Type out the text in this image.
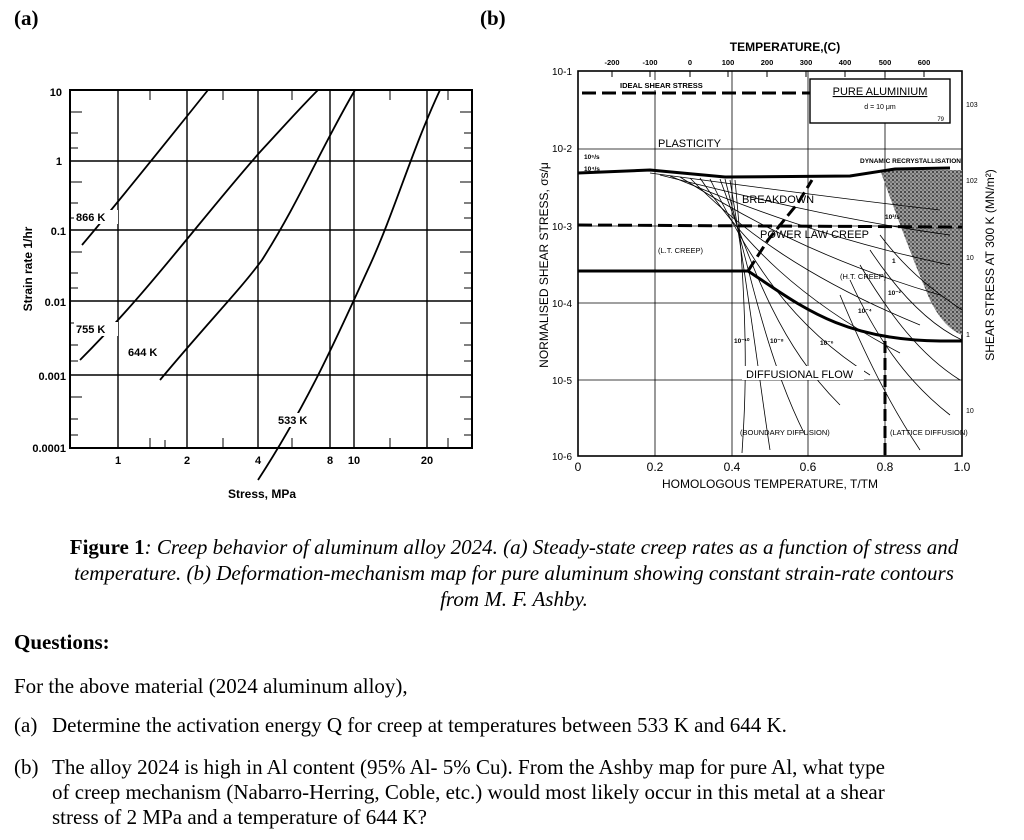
(a)	(b)
10
1
0.1
0.01
0.001
0.0001
1	2	4	8 10	20
866 K
755 K
644 K
533 K
Strain rate 1/hr
Stress, MPa
TEMPERATURE,(C)
-200	-100	0	100	200	300	400	500	600
10-1
10-2
10-3
10-4
10-5
10-6
103
102
10
1
10
0	0.2	0.4	0.6	0.8	1.0
HOMOLOGOUS TEMPERATURE, T/TM
NORMALISED SHEAR STRESS, σs/μ	SHEAR STRESS AT 300 K (MN/m²)
PURE ALUMINIUM
d = 10 μm
79
IDEAL SHEAR STRESS
PLASTICITY
DYNAMIC RECRYSTALLISATION
BREAKDOWN
POWER LAW CREEP
(L.T. CREEP)
(H.T. CREEP)
DIFFUSIONAL FLOW
(BOUNDARY DIFFUSION)	(LATTICE DIFFUSION)
10⁶/s
10⁴/s
10⁻¹⁰	10⁻⁸	10⁻⁶
10⁻⁴
10⁻²
1
10²/s
Figure 1: Creep behavior of aluminum alloy 2024. (a) Steady-state creep rates as a function of stress and
temperature. (b) Deformation-mechanism map for pure aluminum showing constant strain-rate contours
from M. F. Ashby.
Questions:
For the above material (2024 aluminum alloy),
(a) Determine the activation energy Q for creep at temperatures between 533 K and 644 K.
(b) The alloy 2024 is high in Al content (95% Al- 5% Cu). From the Ashby map for pure Al, what type
of creep mechanism (Nabarro-Herring, Coble, etc.) would most likely occur in this metal at a shear
stress of 2 MPa and a temperature of 644 K?
